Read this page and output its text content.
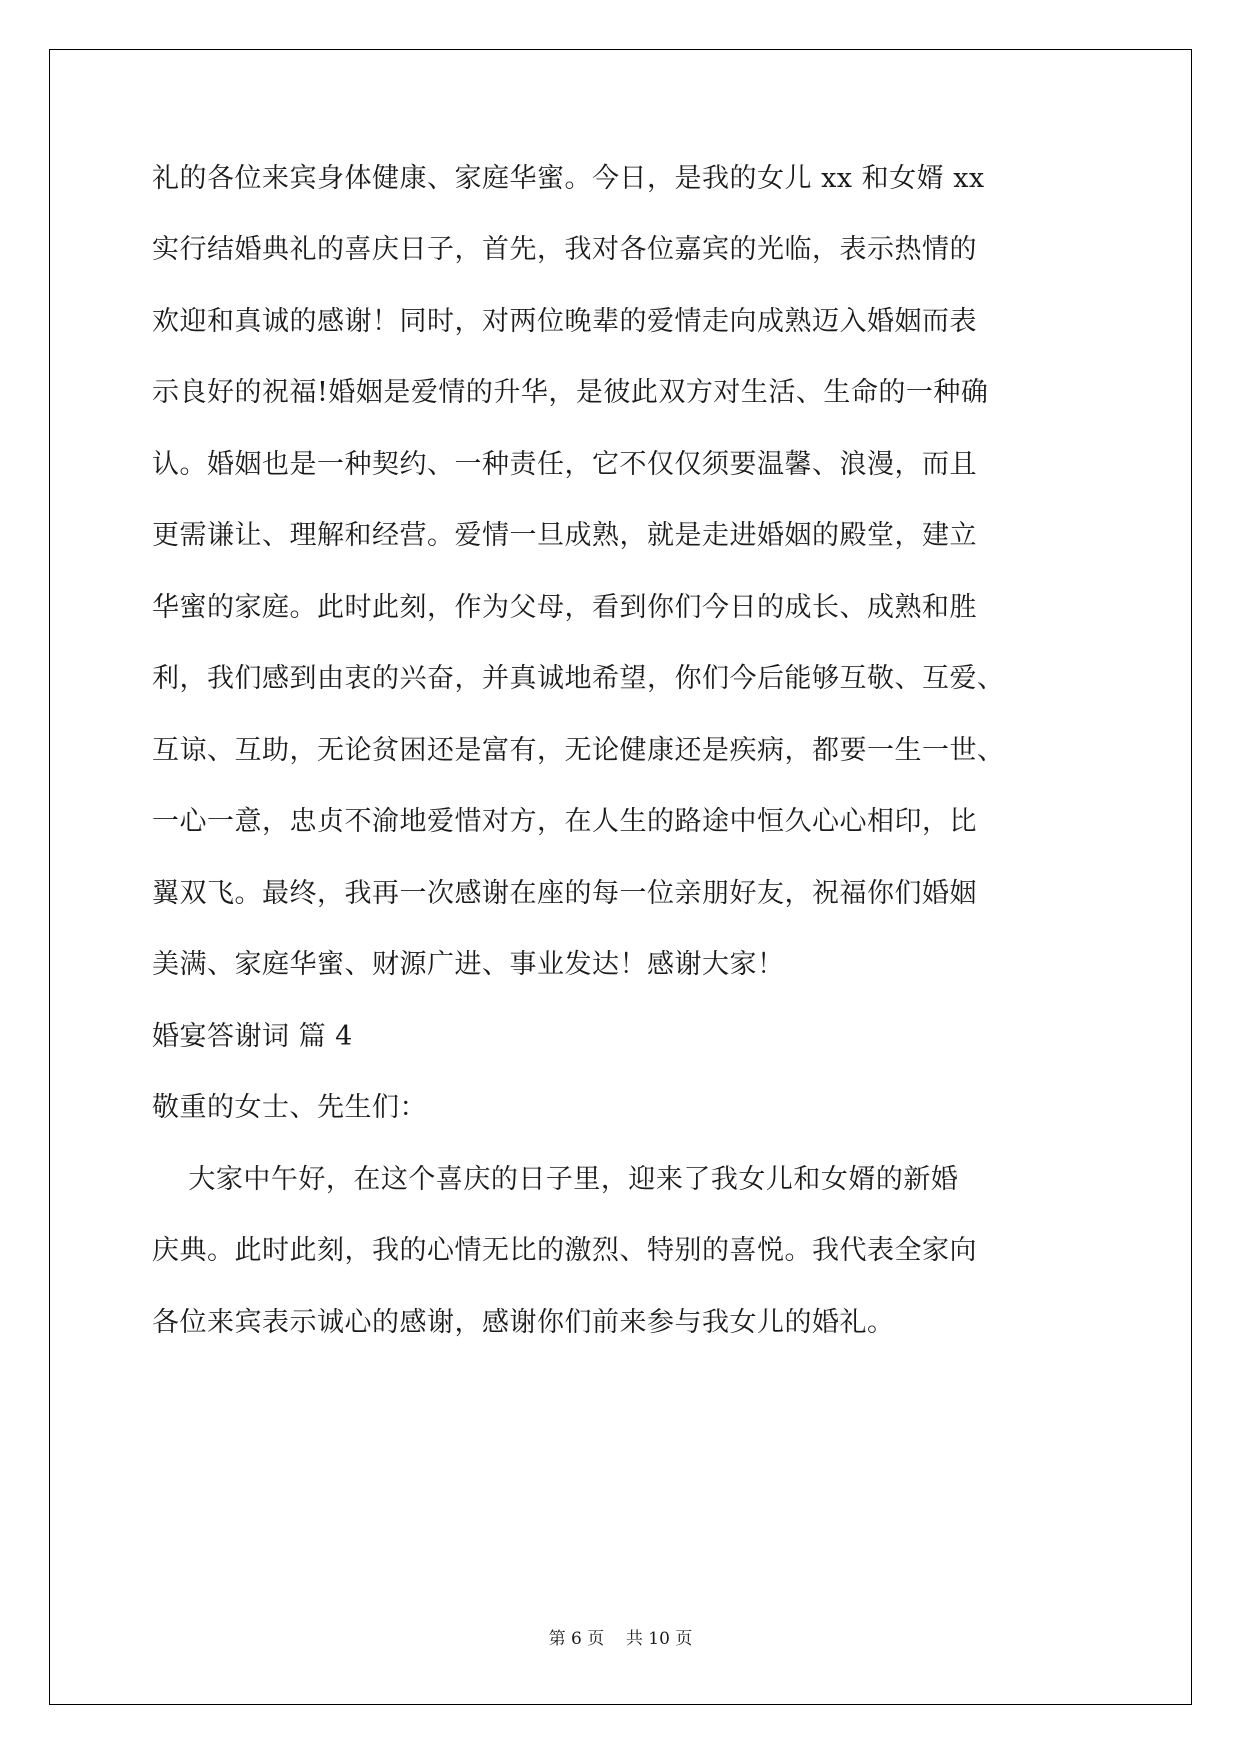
礼的各位来宾身体健康、家庭华蜜。今日，是我的女儿 xx 和女婿 xx
实行结婚典礼的喜庆日子，首先，我对各位嘉宾的光临，表示热情的
欢迎和真诚的感谢！同时，对两位晚辈的爱情走向成熟迈入婚姻而表
示良好的祝福!婚姻是爱情的升华，是彼此双方对生活、生命的一种确
认。婚姻也是一种契约、一种责任，它不仅仅须要温馨、浪漫，而且
更需谦让、理解和经营。爱情一旦成熟，就是走进婚姻的殿堂，建立
华蜜的家庭。此时此刻，作为父母，看到你们今日的成长、成熟和胜
利，我们感到由衷的兴奋，并真诚地希望，你们今后能够互敬、互爱、
互谅、互助，无论贫困还是富有，无论健康还是疾病，都要一生一世、
一心一意，忠贞不渝地爱惜对方，在人生的路途中恒久心心相印，比
翼双飞。最终，我再一次感谢在座的每一位亲朋好友，祝福你们婚姻
美满、家庭华蜜、财源广进、事业发达！感谢大家！
婚宴答谢词 篇 4
敬重的女士、先生们：
大家中午好，在这个喜庆的日子里，迎来了我女儿和女婿的新婚
庆典。此时此刻，我的心情无比的激烈、特别的喜悦。我代表全家向
各位来宾表示诚心的感谢，感谢你们前来参与我女儿的婚礼。
第 6 页    共 10 页
